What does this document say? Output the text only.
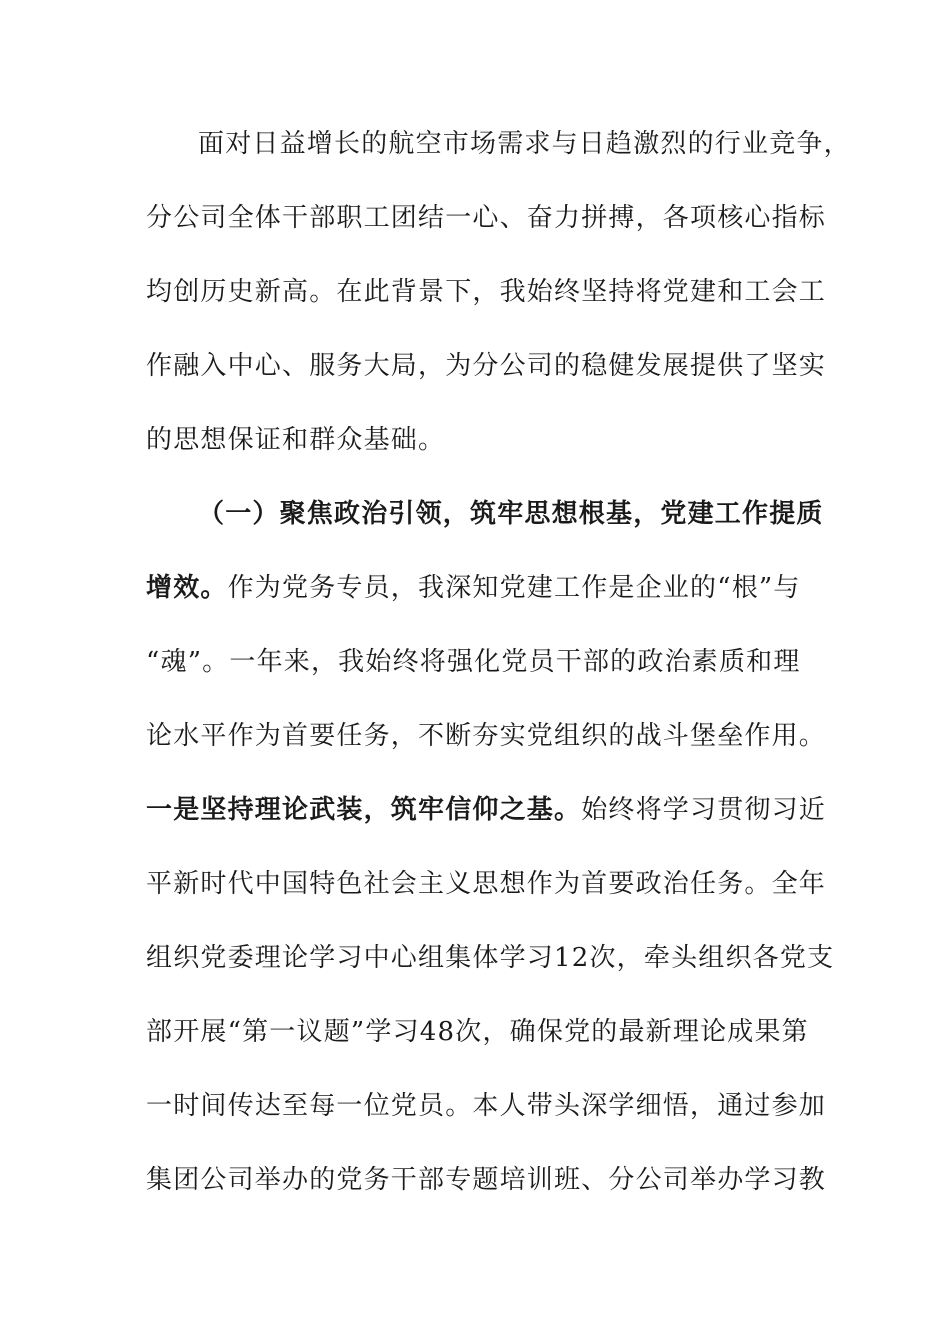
面对日益增长的航空市场需求与日趋激烈的行业竞争，
分公司全体干部职工团结一心、奋力拼搏，各项核心指标
均创历史新高。在此背景下，我始终坚持将党建和工会工
作融入中心、服务大局，为分公司的稳健发展提供了坚实
的思想保证和群众基础。
（一）聚焦政治引领，筑牢思想根基，党建工作提质
增效。作为党务专员，我深知党建工作是企业的“根”与
“魂”。一年来，我始终将强化党员干部的政治素质和理
论水平作为首要任务，不断夯实党组织的战斗堡垒作用。
一是坚持理论武装，筑牢信仰之基。始终将学习贯彻习近
平新时代中国特色社会主义思想作为首要政治任务。全年
组织党委理论学习中心组集体学习12次，牵头组织各党支
部开展“第一议题”学习48次，确保党的最新理论成果第
一时间传达至每一位党员。本人带头深学细悟，通过参加
集团公司举办的党务干部专题培训班、分公司举办学习教
